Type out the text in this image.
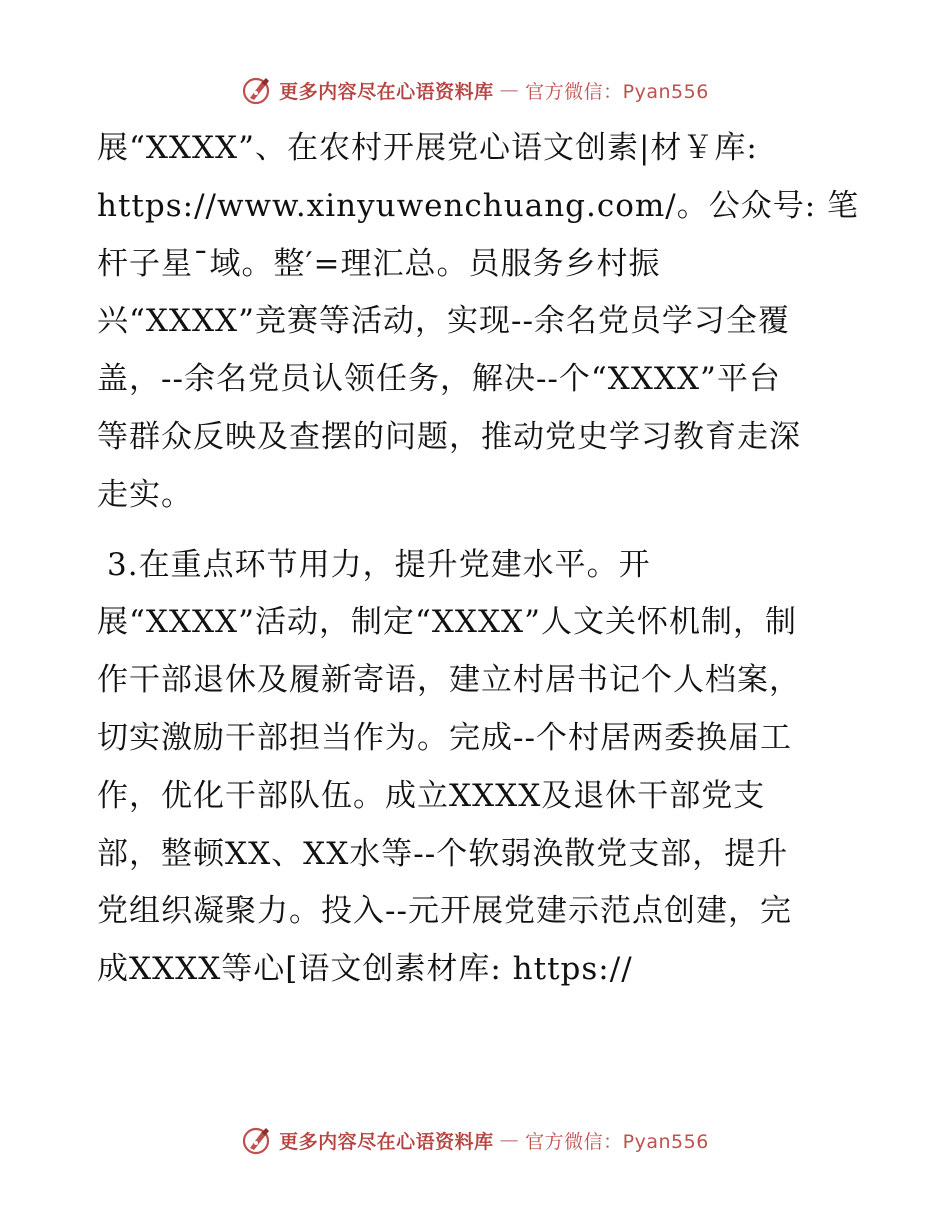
更多内容尽在心语资料库 — 官方微信：Pyan556
展“XXXX”、在农村开展党心语文创素|材￥库:
https://www.xinyuwenchuang.com/。公众号: 笔
杆子星¯域。整′=理汇总。员服务乡村振
兴“XXXX”竞赛等活动，实现--余名党员学习全覆
盖，--余名党员认领任务，解决--个“XXXX”平台
等群众反映及查摆的问题，推动党史学习教育走深
走实。
3.在重点环节用力，提升党建水平。开
展“XXXX”活动，制定“XXXX”人文关怀机制，制
作干部退休及履新寄语，建立村居书记个人档案，
切实激励干部担当作为。完成--个村居两委换届工
作，优化干部队伍。成立XXXX及退休干部党支
部，整顿XX、XX水等--个软弱涣散党支部，提升
党组织凝聚力。投入--元开展党建示范点创建，完
成XXXX等心[语文创素材库: https://
更多内容尽在心语资料库 — 官方微信：Pyan556
